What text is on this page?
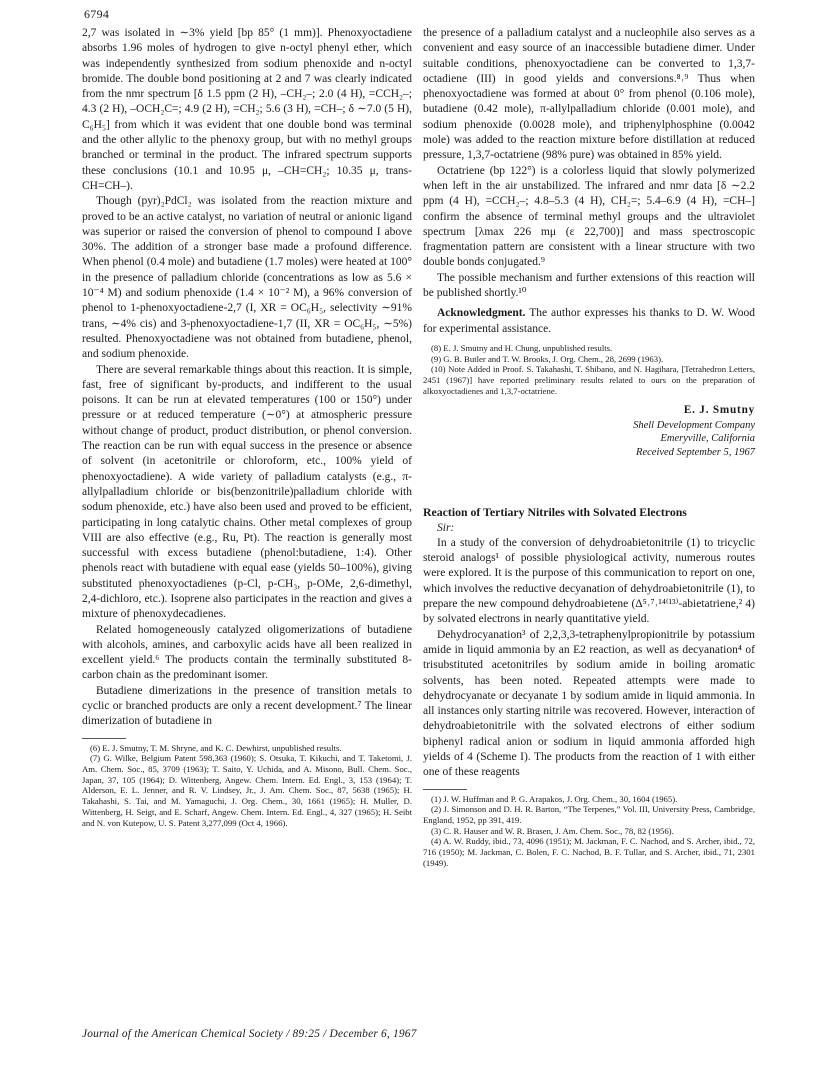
6794

2,7 was isolated in ∼3% yield [bp 85° (1 mm)]. Phenoxyoctadiene absorbs 1.96 moles of hydrogen to give n-octyl phenyl ether, which was independently synthesized from sodium phenoxide and n-octyl bromide. The double bond positioning at 2 and 7 was clearly indicated from the nmr spectrum [δ 1.5 ppm (2 H), –CH₂–; 2.0 (4 H), =CCH₂–; 4.3 (2 H), –OCH₂C=; 4.9 (2 H), =CH₂; 5.6 (3 H), =CH–; δ ∼7.0 (5 H), C₆H₅] from which it was evident that one double bond was terminal and the other allylic to the phenoxy group, but with no methyl groups branched or terminal in the product. The infrared spectrum supports these conclusions (10.1 and 10.95 μ, –CH=CH₂; 10.35 μ, trans-CH=CH–).

Though (pyr)₂PdCl₂ was isolated from the reaction mixture and proved to be an active catalyst, no variation of neutral or anionic ligand was superior or raised the conversion of phenol to compound I above 30%. The addition of a stronger base made a profound difference. When phenol (0.4 mole) and butadiene (1.7 moles) were heated at 100° in the presence of palladium chloride (concentrations as low as 5.6 × 10⁻⁴ M) and sodium phenoxide (1.4 × 10⁻² M), a 96% conversion of phenol to 1-phenoxyoctadiene-2,7 (I, XR = OC₆H₅, selectivity ∼91% trans, ∼4% cis) and 3-phenoxyoctadiene-1,7 (II, XR = OC₆H₅, ∼5%) resulted. Phenoxyoctadiene was not obtained from butadiene, phenol, and sodium phenoxide.

There are several remarkable things about this reaction. It is simple, fast, free of significant by-products, and indifferent to the usual poisons. It can be run at elevated temperatures (100 or 150°) under pressure or at reduced temperature (∼0°) at atmospheric pressure without change of product, product distribution, or phenol conversion. The reaction can be run with equal success in the presence or absence of solvent (in acetonitrile or chloroform, etc., 100% yield of phenoxyoctadiene). A wide variety of palladium catalysts (e.g., π-allylpalladium chloride or bis(benzonitrile)palladium chloride with sodum phenoxide, etc.) have also been used and proved to be efficient, participating in long catalytic chains. Other metal complexes of group VIII are also effective (e.g., Ru, Pt). The reaction is generally most successful with excess butadiene (phenol:butadiene, 1:4). Other phenols react with butadiene with equal ease (yields 50–100%), giving substituted phenoxyoctadienes (p-Cl, p-CH₃, p-OMe, 2,6-dimethyl, 2,4-dichloro, etc.). Isoprene also participates in the reaction and gives a mixture of phenoxydecadienes.

Related homogeneously catalyzed oligomerizations of butadiene with alcohols, amines, and carboxylic acids have all been realized in excellent yield.⁶ The products contain the terminally substituted 8-carbon chain as the predominant isomer.

Butadiene dimerizations in the presence of transition metals to cyclic or branched products are only a recent development.⁷ The linear dimerization of butadiene in

(6) E. J. Smutny, T. M. Shryne, and K. C. Dewhirst, unpublished results.
(7) G. Wilke, Belgium Patent 598,363 (1960); S. Otsuka, T. Kikuchi, and T. Taketomi, J. Am. Chem. Soc., 85, 3709 (1963); T. Saito, Y. Uchida, and A. Misono, Bull. Chem. Soc., Japan, 37, 105 (1964); D. Wittenberg, Angew. Chem. Intern. Ed. Engl., 3, 153 (1964); T. Alderson, E. L. Jenner, and R. V. Lindsey, Jr., J. Am. Chem. Soc., 87, 5638 (1965); H. Takahashi, S. Tai, and M. Yamaguchi, J. Org. Chem., 30, 1661 (1965); H. Muller, D. Wittenberg, H. Seigt, and E. Scharf, Angew. Chem. Intern. Ed. Engl., 4, 327 (1965); H. Seibt and N. von Kutepow, U. S. Patent 3,277,099 (Oct 4, 1966).

the presence of a palladium catalyst and a nucleophile also serves as a convenient and easy source of an inaccessible butadiene dimer. Under suitable conditions, phenoxyoctadiene can be converted to 1,3,7-octadiene (III) in good yields and conversions.⁸˒⁹ Thus when phenoxyoctadiene was formed at about 0° from phenol (0.106 mole), butadiene (0.42 mole), π-allylpalladium chloride (0.001 mole), and sodium phenoxide (0.0028 mole), and triphenylphosphine (0.0042 mole) was added to the reaction mixture before distillation at reduced pressure, 1,3,7-octatriene (98% pure) was obtained in 85% yield.

Octatriene (bp 122°) is a colorless liquid that slowly polymerized when left in the air unstabilized. The infrared and nmr data [δ ∼2.2 ppm (4 H), =CCH₂–; 4.8–5.3 (4 H), CH₂=; 5.4–6.9 (4 H), =CH–] confirm the absence of terminal methyl groups and the ultraviolet spectrum [λmax 226 mμ (ε 22,700)] and mass spectroscopic fragmentation pattern are consistent with a linear structure with two double bonds conjugated.⁹

The possible mechanism and further extensions of this reaction will be published shortly.¹⁰

Acknowledgment. The author expresses his thanks to D. W. Wood for experimental assistance.

(8) E. J. Smutny and H. Chung, unpublished results.
(9) G. B. Butler and T. W. Brooks, J. Org. Chem., 28, 2699 (1963).
(10) Note Added in Proof. S. Takahashi, T. Shibano, and N. Hagihara, [Tetrahedron Letters, 2451 (1967)] have reported preliminary results related to ours on the preparation of alkoxyoctadienes and 1,3,7-octatriene.
E. J. Smutny
Shell Development Company
Emeryville, California
Received September 5, 1967
Reaction of Tertiary Nitriles with Solvated Electrons

Sir:

In a study of the conversion of dehydroabietonitrile (1) to tricyclic steroid analogs¹ of possible physiological activity, numerous routes were explored. It is the purpose of this communication to report on one, which involves the reductive decyanation of dehydroabietonitrile (1), to prepare the new compound dehydroabietene (Δ⁵˒⁷˒¹⁴⁽¹³⁾-abietatriene,² 4) by solvated electrons in nearly quantitative yield.

Dehydrocyanation³ of 2,2,3,3-tetraphenylpropionitrile by potassium amide in liquid ammonia by an E2 reaction, as well as decyanation⁴ of trisubstituted acetonitriles by sodium amide in boiling aromatic solvents, has been noted. Repeated attempts were made to dehydrocyanate or decyanate 1 by sodium amide in liquid ammonia. In all instances only starting nitrile was recovered. However, interaction of dehydroabietonitrile with the solvated electrons of either sodium biphenyl radical anion or sodium in liquid ammonia afforded high yields of 4 (Scheme I). The products from the reaction of 1 with either one of these reagents

(1) J. W. Huffman and P. G. Arapakos, J. Org. Chem., 30, 1604 (1965).
(2) J. Simonson and D. H. R. Barton, “The Terpenes,” Vol. III, University Press, Cambridge, England, 1952, pp 391, 419.
(3) C. R. Hauser and W. R. Brasen, J. Am. Chem. Soc., 78, 82 (1956).
(4) A. W. Ruddy, ibid., 73, 4096 (1951); M. Jackman, F. C. Nachod, and S. Archer, ibid., 72, 716 (1950); M. Jackman, C. Bolen, F. C. Nachod, B. F. Tullar, and S. Archer, ibid., 71, 2301 (1949).
Journal of the American Chemical Society / 89:25 / December 6, 1967
